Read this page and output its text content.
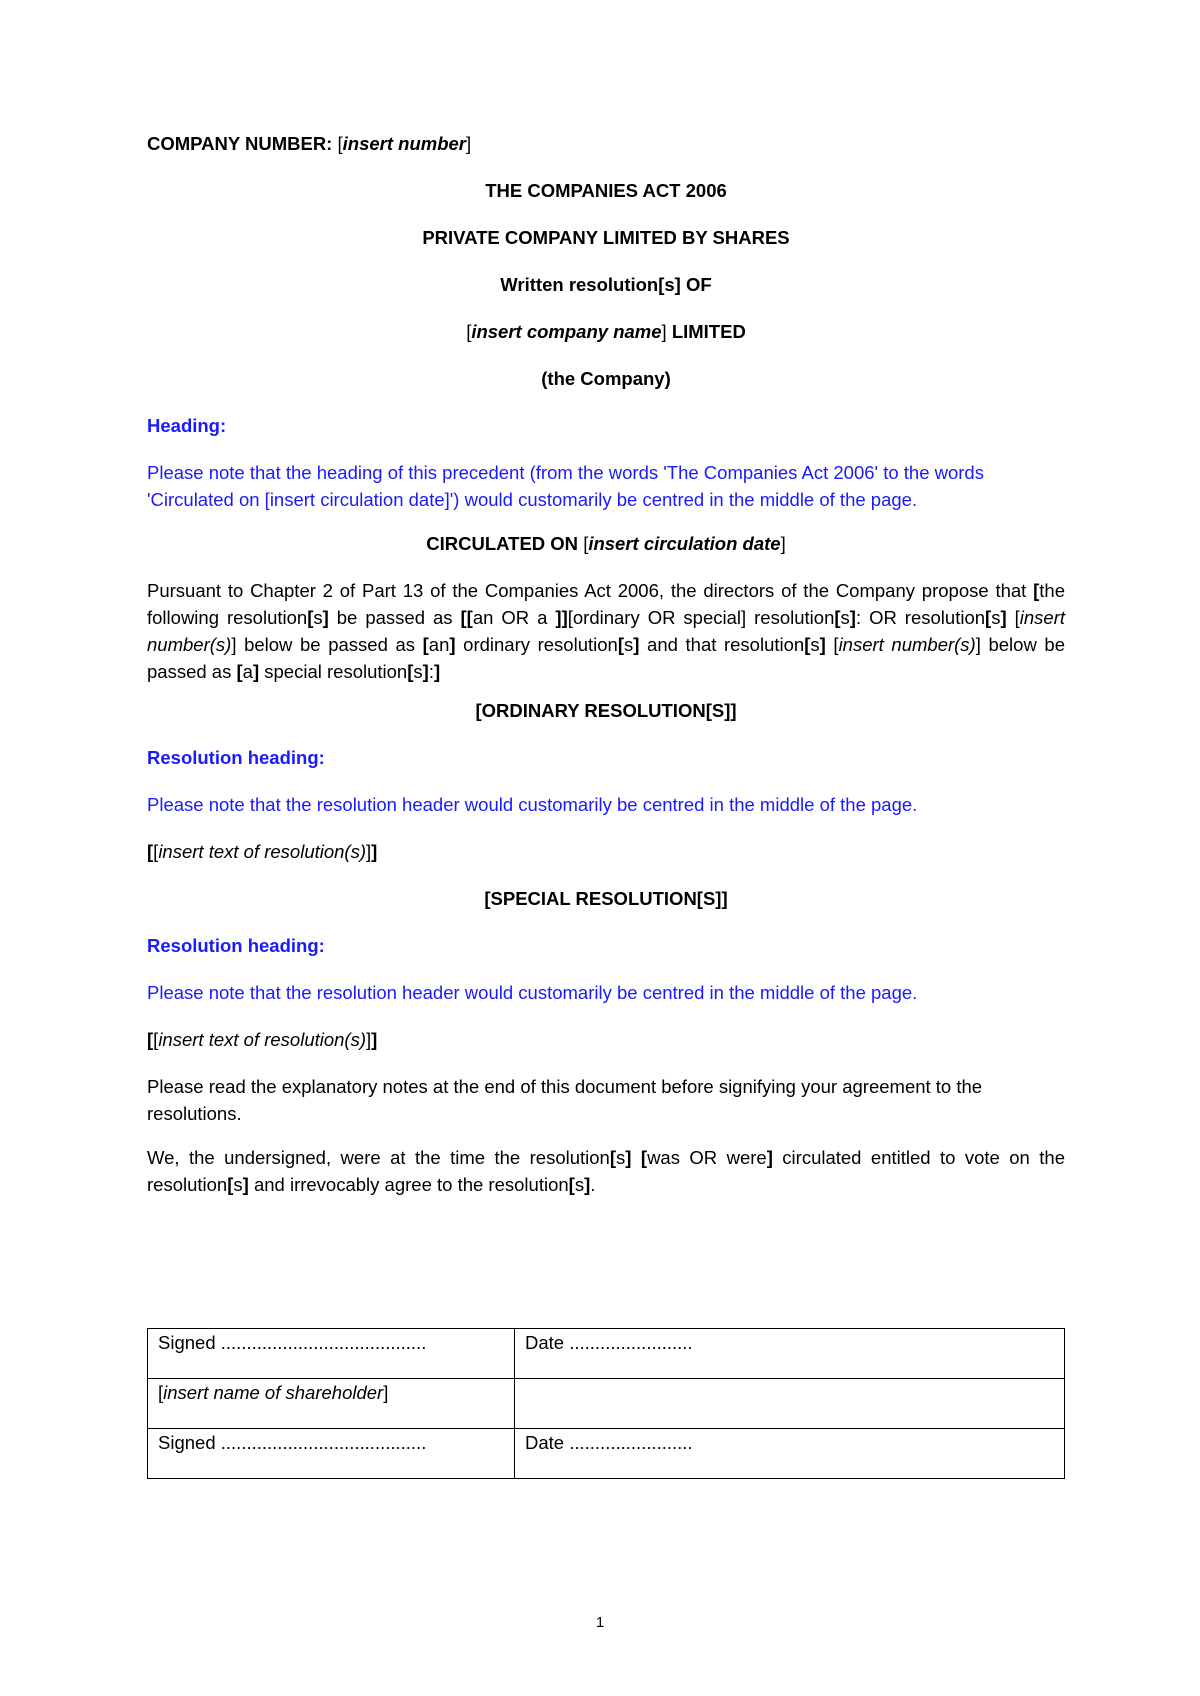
COMPANY NUMBER: [insert number]

THE COMPANIES ACT 2006

PRIVATE COMPANY LIMITED BY SHARES

Written resolution[s] OF

[insert company name] LIMITED

(the Company)

Heading:

Please note that the heading of this precedent (from the words 'The Companies Act 2006' to the words 'Circulated on [insert circulation date]') would customarily be centred in the middle of the page.

CIRCULATED ON [insert circulation date]

Pursuant to Chapter 2 of Part 13 of the Companies Act 2006, the directors of the Company propose that [the following resolution[s] be passed as [[an OR a ]][ordinary OR special] resolution[s]: OR resolution[s] [insert number(s)] below be passed as [an] ordinary resolution[s] and that resolution[s] [insert number(s)] below be passed as [a] special resolution[s]:]

[ORDINARY RESOLUTION[S]]

Resolution heading:

Please note that the resolution header would customarily be centred in the middle of the page.

[[insert text of resolution(s)]]

[SPECIAL RESOLUTION[S]]

Resolution heading:

Please note that the resolution header would customarily be centred in the middle of the page.

[[insert text of resolution(s)]]

Please read the explanatory notes at the end of this document before signifying your agreement to the resolutions.

We, the undersigned, were at the time the resolution[s] [was OR were] circulated entitled to vote on the resolution[s] and irrevocably agree to the resolution[s].

Signed ........................................	Date ........................
[insert name of shareholder]	
Signed ........................................	Date ........................
1
